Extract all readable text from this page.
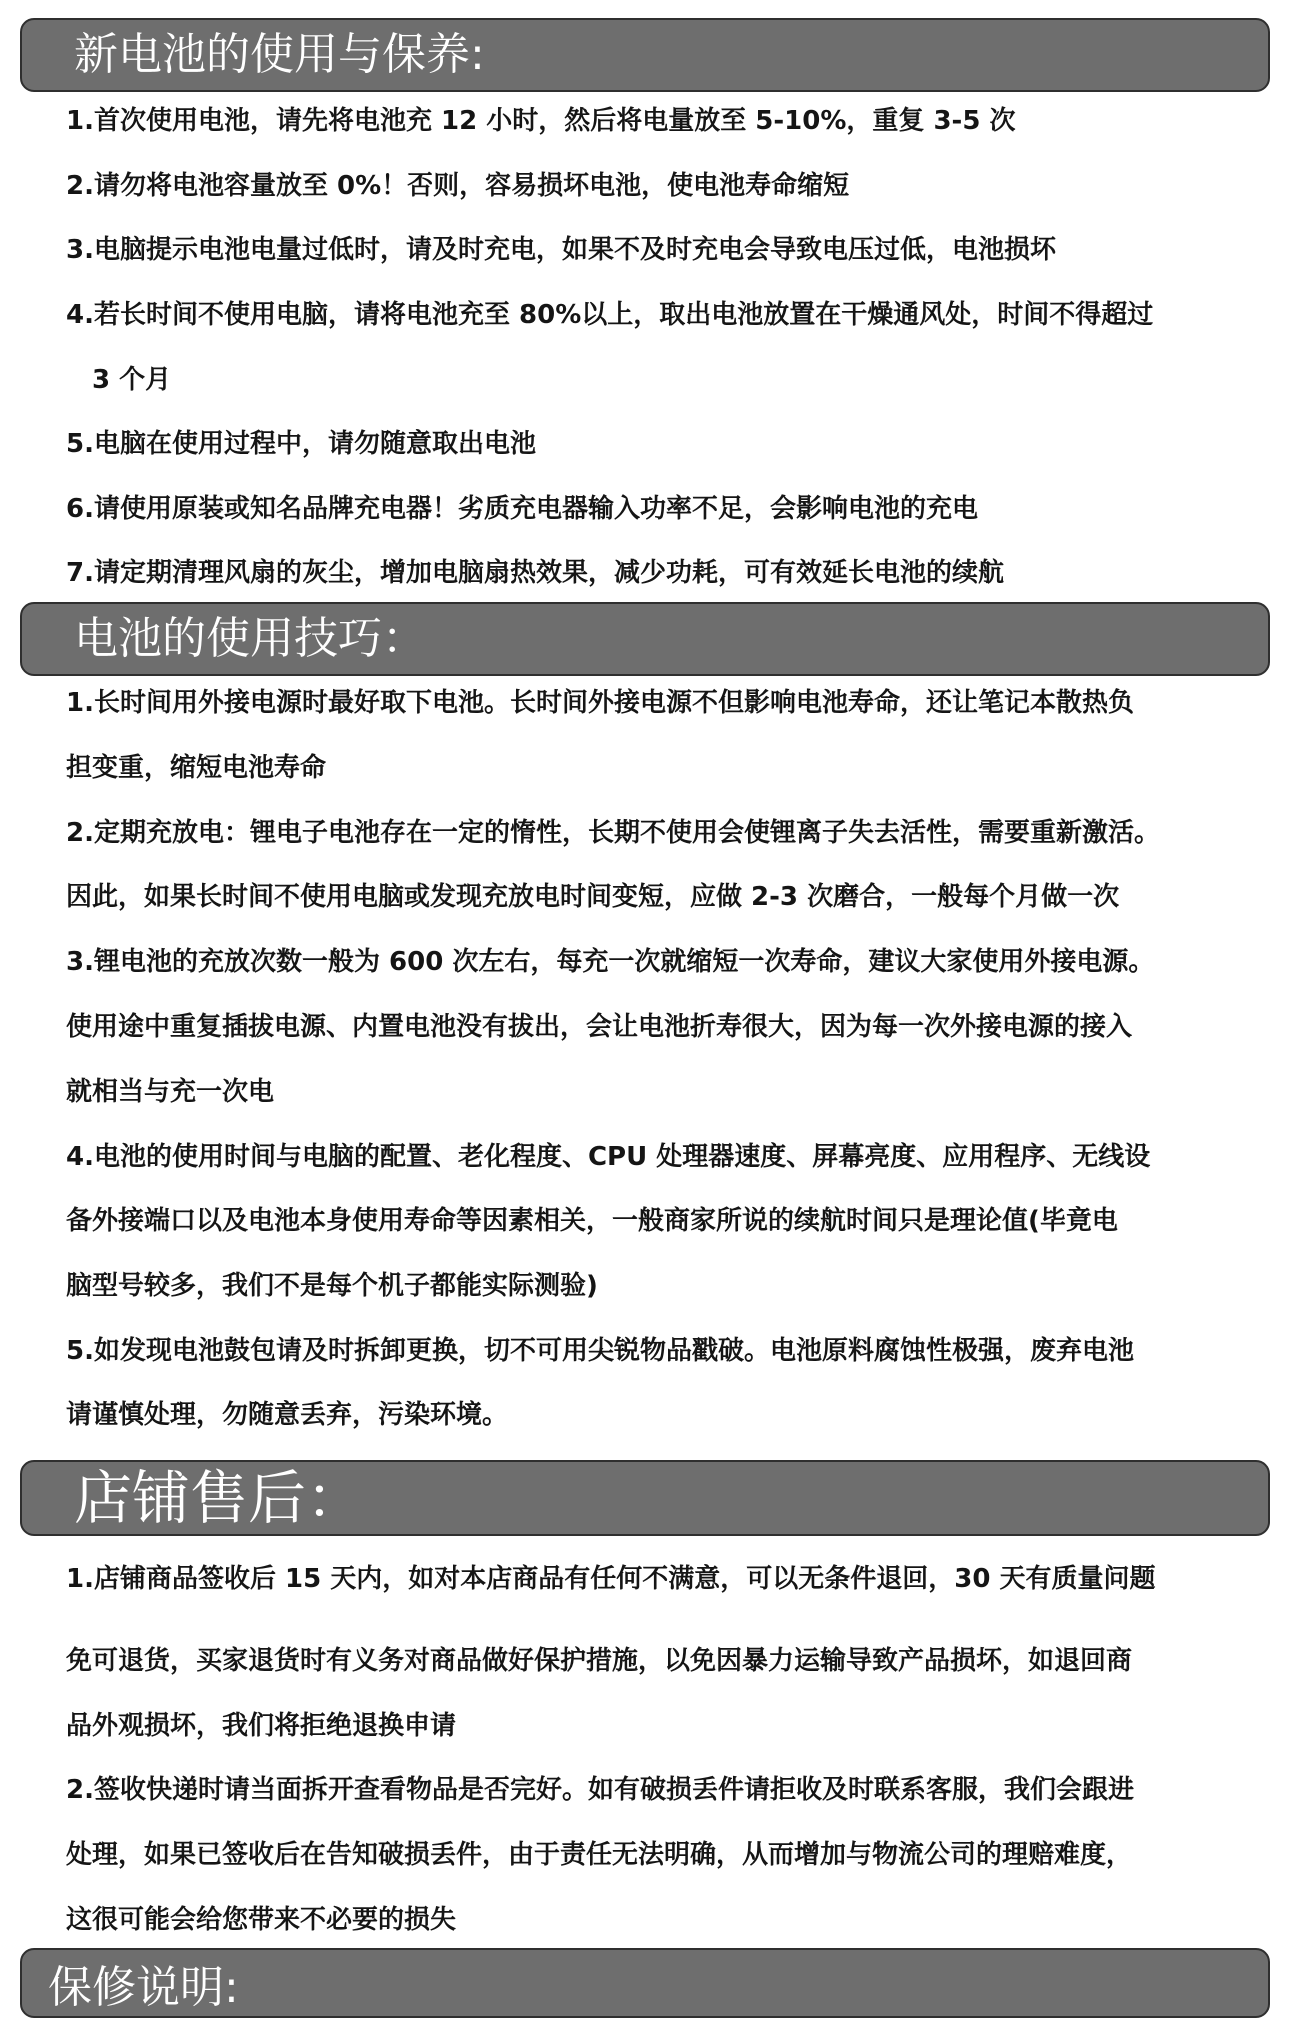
新电池的使用与保养:
1.首次使用电池，请先将电池充 12 小时，然后将电量放至 5-10%，重复 3-5 次
2.请勿将电池容量放至 0%！否则，容易损坏电池，使电池寿命缩短
3.电脑提示电池电量过低时，请及时充电，如果不及时充电会导致电压过低，电池损坏
4.若长时间不使用电脑，请将电池充至 80%以上，取出电池放置在干燥通风处，时间不得超过
3 个月
5.电脑在使用过程中，请勿随意取出电池
6.请使用原装或知名品牌充电器！劣质充电器输入功率不足，会影响电池的充电
7.请定期清理风扇的灰尘，增加电脑扇热效果，减少功耗，可有效延长电池的续航
电池的使用技巧：
1.长时间用外接电源时最好取下电池。长时间外接电源不但影响电池寿命，还让笔记本散热负
担变重，缩短电池寿命
2.定期充放电：锂电子电池存在一定的惰性，长期不使用会使锂离子失去活性，需要重新激活。
因此，如果长时间不使用电脑或发现充放电时间变短，应做 2-3 次磨合，一般每个月做一次
3.锂电池的充放次数一般为 600 次左右，每充一次就缩短一次寿命，建议大家使用外接电源。
使用途中重复插拔电源、内置电池没有拔出，会让电池折寿很大，因为每一次外接电源的接入
就相当与充一次电
4.电池的使用时间与电脑的配置、老化程度、CPU 处理器速度、屏幕亮度、应用程序、无线设
备外接端口以及电池本身使用寿命等因素相关，一般商家所说的续航时间只是理论值(毕竟电
脑型号较多，我们不是每个机子都能实际测验)
5.如发现电池鼓包请及时拆卸更换，切不可用尖锐物品戳破。电池原料腐蚀性极强，废弃电池
请谨慎处理，勿随意丢弃，污染环境。
店铺售后：
1.店铺商品签收后 15 天内，如对本店商品有任何不满意，可以无条件退回，30 天有质量问题
免可退货，买家退货时有义务对商品做好保护措施，以免因暴力运输导致产品损坏，如退回商
品外观损坏，我们将拒绝退换申请
2.签收快递时请当面拆开查看物品是否完好。如有破损丢件请拒收及时联系客服，我们会跟进
处理，如果已签收后在告知破损丢件，由于责任无法明确，从而增加与物流公司的理赔难度，
这很可能会给您带来不必要的损失
保修说明:
